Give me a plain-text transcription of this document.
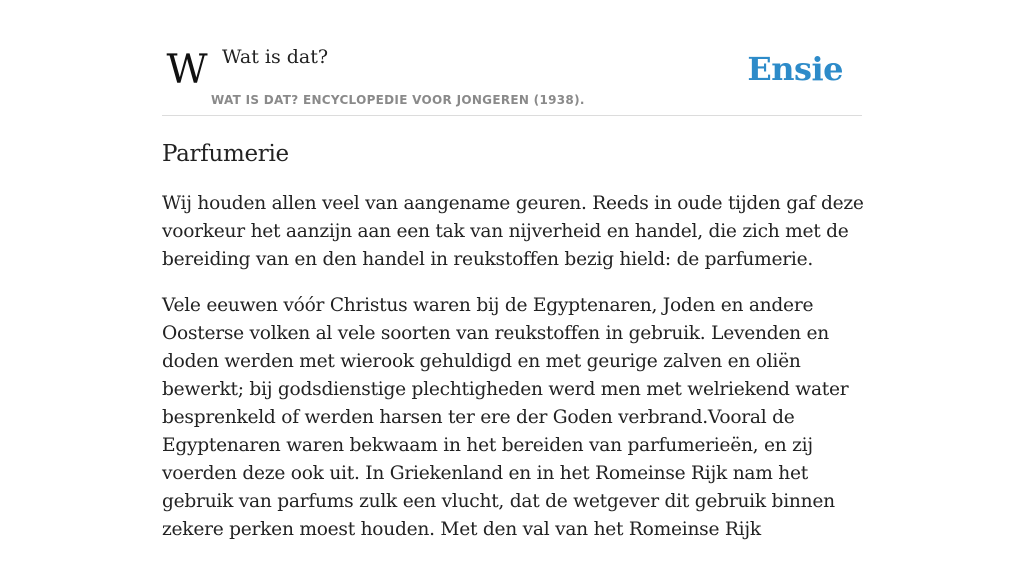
W Wat is dat?
WAT IS DAT? ENCYCLOPEDIE VOOR JONGEREN (1938).
Ensie
Parfumerie

Wij houden allen veel van aangename geuren. Reeds in oude tijden gaf deze voorkeur het aanzijn aan een tak van nijverheid en handel, die zich met de bereiding van en den handel in reukstoffen bezig hield: de parfumerie.

Vele eeuwen vóór Christus waren bij de Egyptenaren, Joden en andere Oosterse volken al vele soorten van reukstoffen in gebruik. Levenden en doden werden met wierook gehuldigd en met geurige zalven en oliën bewerkt; bij godsdienstige plechtigheden werd men met welriekend water besprenkeld of werden harsen ter ere der Goden verbrand.Vooral de Egyptenaren waren bekwaam in het bereiden van parfumerieën, en zij voerden deze ook uit. In Griekenland en in het Romeinse Rijk nam het gebruik van parfums zulk een vlucht, dat de wetgever dit gebruik binnen zekere perken moest houden. Met den val van het Romeinse Rijk
